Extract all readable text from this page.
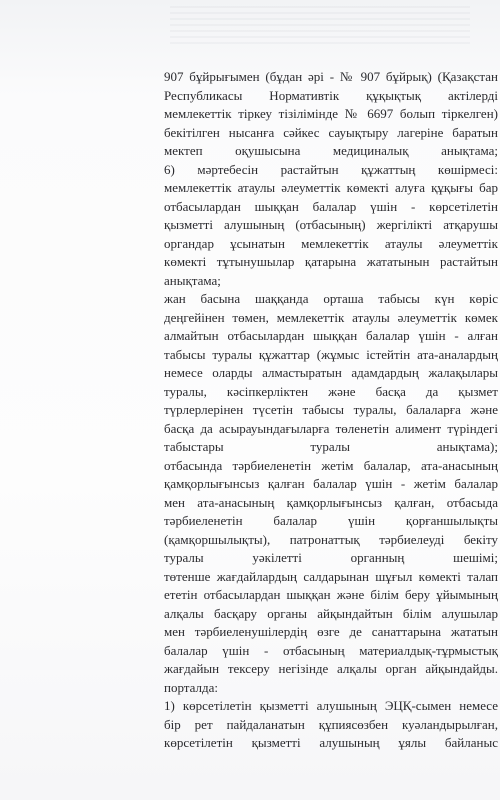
907 бұйрығымен (бұдан әрі - № 907 бұйрық) (Қазақстан
Республикасы Нормативтік құқықтық актілерді
мемлекеттік тіркеу тізілімінде № 6697 болып тіркелген)
бекітілген нысанға сәйкес сауықтыру лагеріне баратын
мектеп оқушысына медициналық анықтама;
6) мәртебесін растайтын құжаттың көшірмесі:
мемлекеттік атаулы әлеуметтік көмекті алуға құқығы бар
отбасылардан шыққан балалар үшін - көрсетілетін
қызметті алушының (отбасының) жергілікті атқарушы
органдар ұсынатын мемлекеттік атаулы әлеуметтік
көмекті тұтынушылар қатарына жататынын растайтын
анықтама;
жан басына шаққанда орташа табысы күн көріс
деңгейінен төмен, мемлекеттік атаулы әлеуметтік көмек
алмайтын отбасылардан шыққан балалар үшін - алған
табысы туралы құжаттар (жұмыс істейтін ата-аналардың
немесе оларды алмастыратын адамдардың жалақылары
туралы, кәсіпкерліктен және басқа да қызмет
түрлерлерінен түсетін табысы туралы, балаларға және
басқа да асырауындағыларға төленетін алимент түріндегі
табыстары туралы анықтама);
отбасында тәрбиеленетін жетім балалар, ата-анасының
қамқорлығынсыз қалған балалар үшін - жетім балалар
мен ата-анасының қамқорлығынсыз қалған, отбасыда
тәрбиеленетін балалар үшін қорғаншылықты
(қамқоршылықты), патронаттық тәрбиелеуді бекіту
туралы уәкілетті органның шешімі;
төтенше жағдайлардың салдарынан шұғыл көмекті талап
ететін отбасылардан шыққан және білім беру ұйымының
алқалы басқару органы айқындайтын білім алушылар
мен тәрбиеленушілердің өзге де санаттарына жататын
балалар үшін - отбасының материалдық-тұрмыстық
жағдайын тексеру негізінде алқалы орган айқындайды.
порталда:
1) көрсетілетін қызметті алушының ЭЦҚ-сымен немесе
бір рет пайдаланатын құпиясөзбен куәландырылған,
көрсетілетін қызметті алушының ұялы байланыс
